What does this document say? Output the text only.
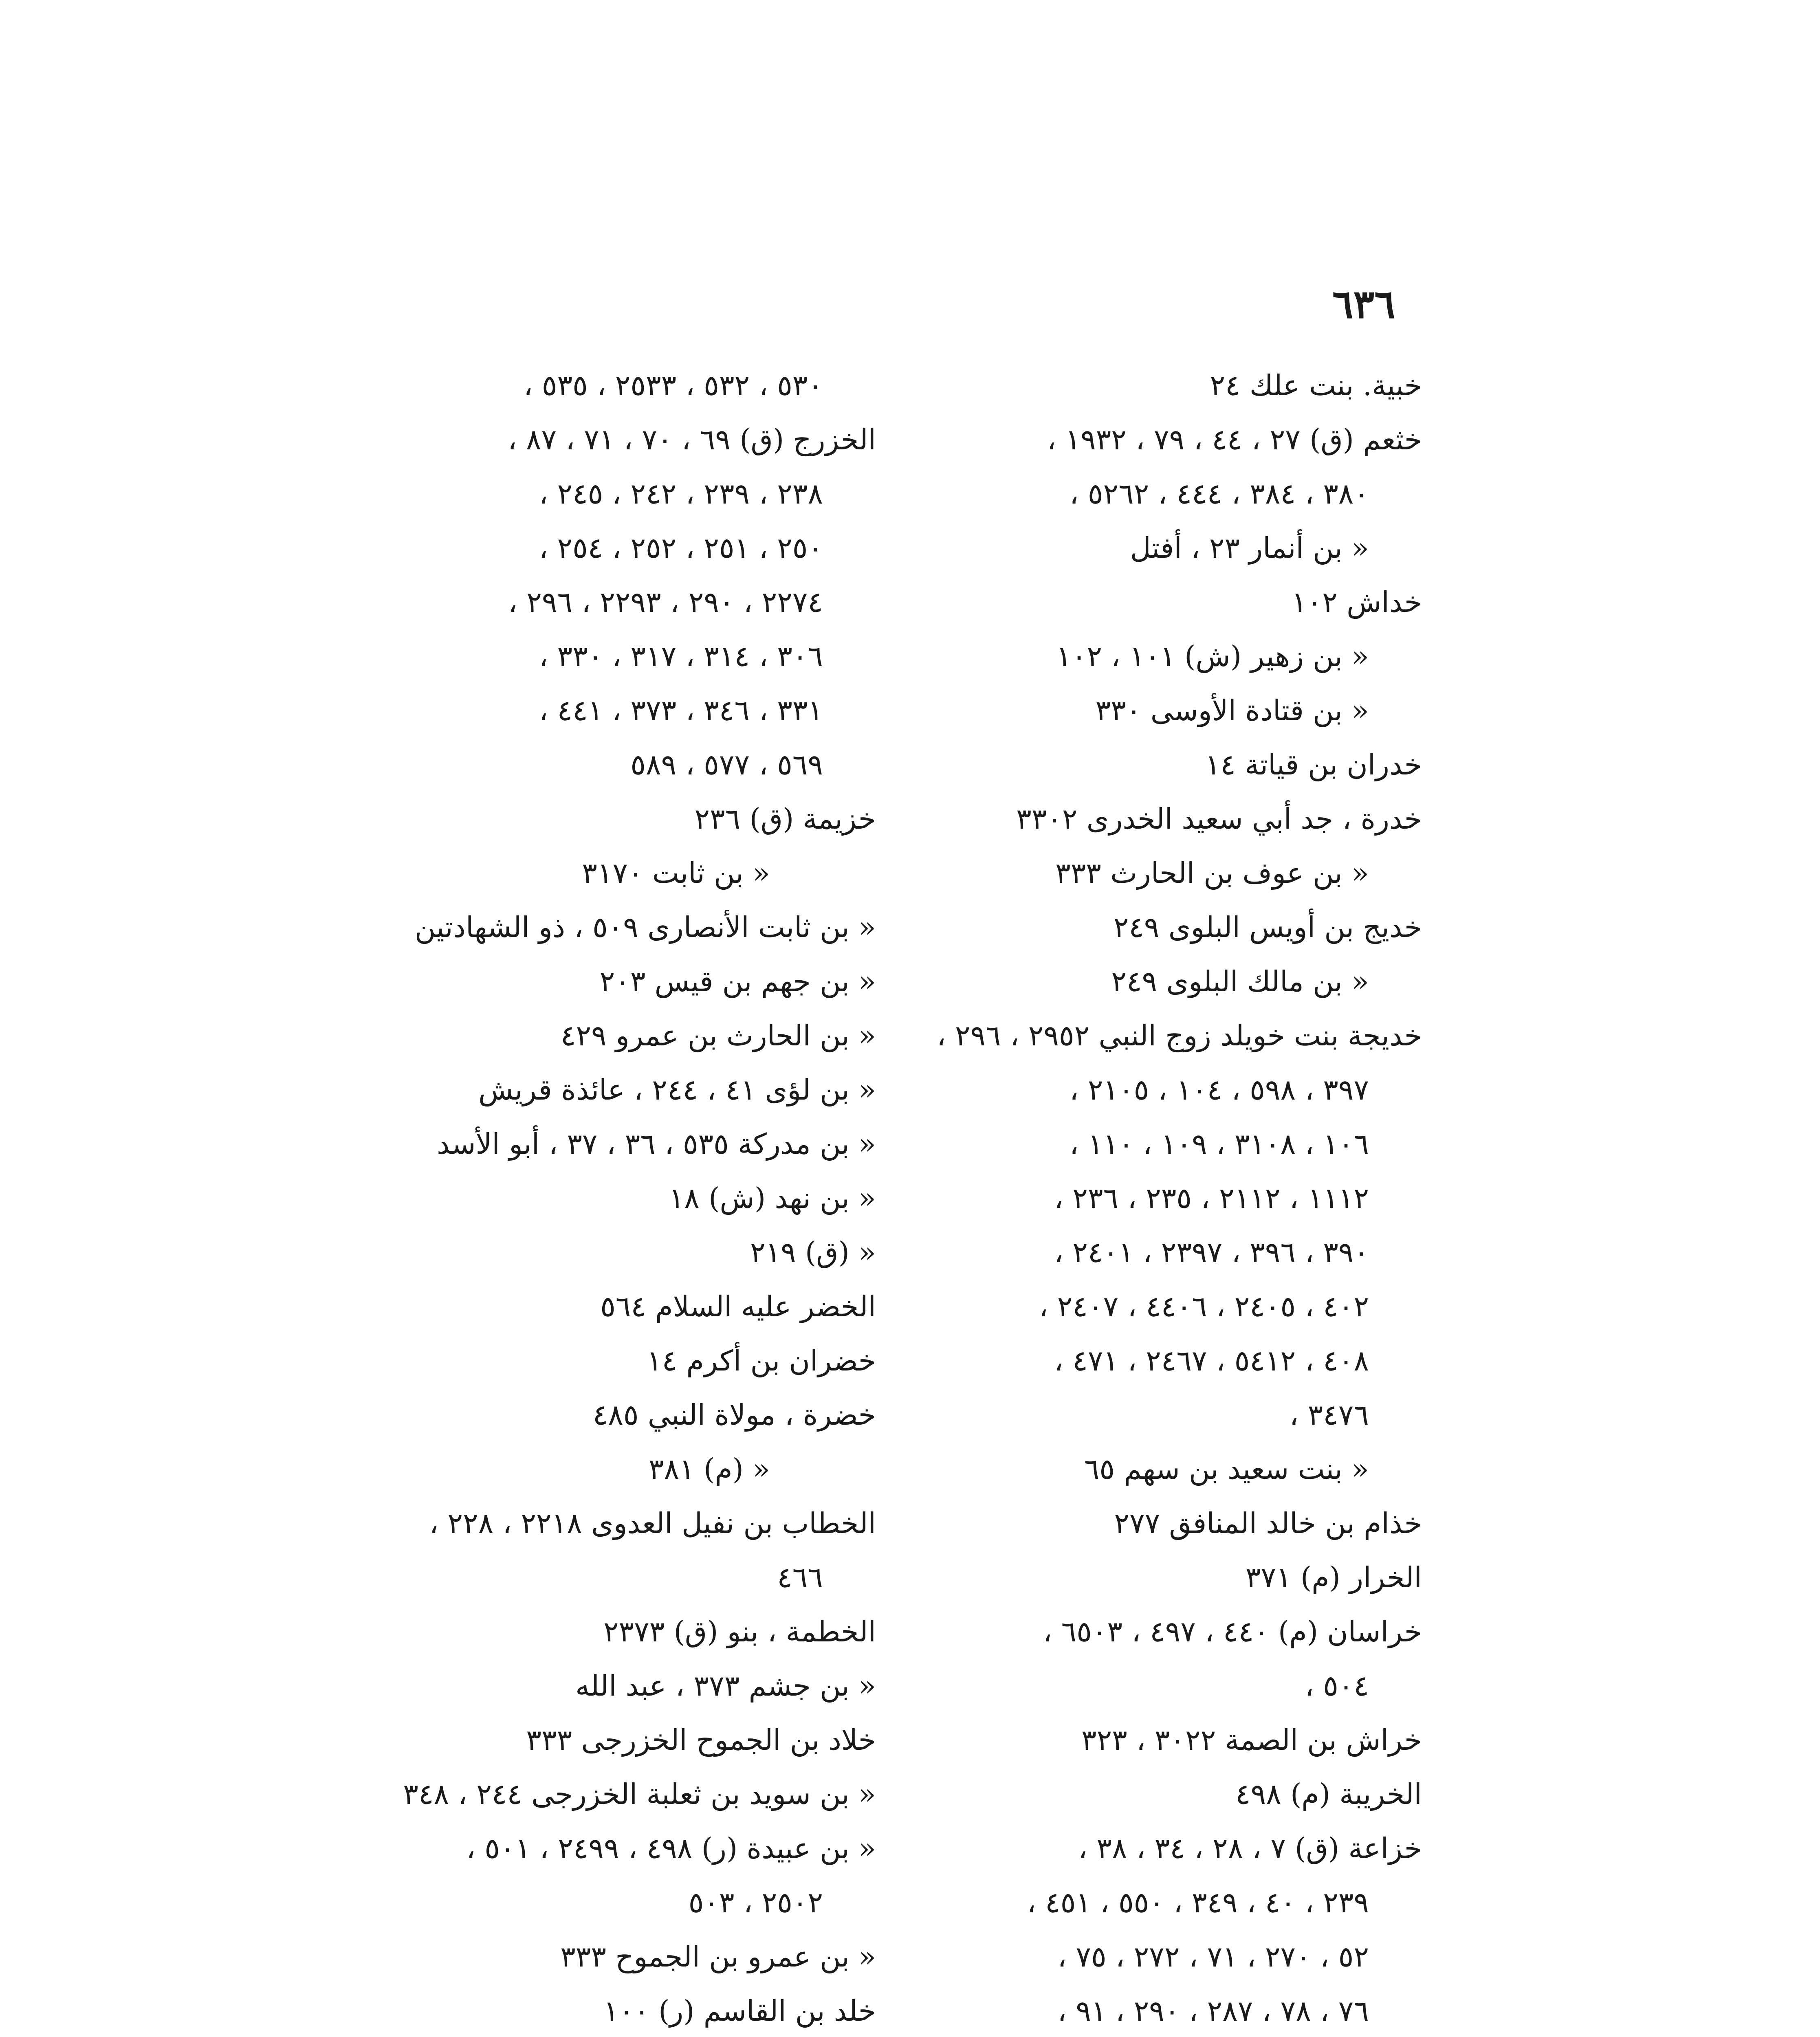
٦٣٦
خبية. بنت علك ٢٤
خثعم (ق) ٢٧ ، ٤٤ ، ٧٩ ، ١٩٣٢ ،
٣٨٠ ، ٣٨٤ ، ٤٤٤ ، ٥٢٦٢ ،
« بن أنمار ٢٣ ، أفتل
خداش ١٠٢
« بن زهير (ش) ١٠١ ، ١٠٢
« بن قتادة الأوسى ٣٣٠
خدران بن قياتة ١٤
خدرة ، جد أبي سعيد الخدرى ٣٣٠٢
« بن عوف بن الحارث ٣٣٣
خديج بن أويس البلوى ٢٤٩
« بن مالك البلوى ٢٤٩
خديجة بنت خويلد زوج النبي ٢٩٥٢ ، ٢٩٦ ،
٣٩٧ ، ٥٩٨ ، ١٠٤ ، ٢١٠٥ ،
١٠٦ ، ٣١٠٨ ، ١٠٩ ، ١١٠ ،
١١١٢ ، ٢١١٢ ، ٢٣٥ ، ٢٣٦ ،
٣٩٠ ، ٣٩٦ ، ٢٣٩٧ ، ٢٤٠١ ،
٤٠٢ ، ٢٤٠٥ ، ٤٤٠٦ ، ٢٤٠٧ ،
٤٠٨ ، ٥٤١٢ ، ٢٤٦٧ ، ٤٧١ ،
٣٤٧٦ ،
« بنت سعيد بن سهم ٦٥
خذام بن خالد المنافق ٢٧٧
الخرار (م) ٣٧١
خراسان (م) ٤٤٠ ، ٤٩٧ ، ٦٥٠٣ ،
٥٠٤ ،
خراش بن الصمة ٣٠٢٢ ، ٣٢٣
الخريبة (م) ٤٩٨
خزاعة (ق) ٧ ، ٢٨ ، ٣٤ ، ٣٨ ،
٢٣٩ ، ٤٠ ، ٣٤٩ ، ٥٥٠ ، ٤٥١ ،
٥٢ ، ٢٧٠ ، ٧١ ، ٢٧٢ ، ٧٥ ،
٧٦ ، ٧٨ ، ٢٨٧ ، ٢٩٠ ، ٩١ ،
٥٣٠ ، ٥٣٢ ، ٢٥٣٣ ، ٥٣٥ ،
الخزرج (ق) ٦٩ ، ٧٠ ، ٧١ ، ٨٧ ،
٢٣٨ ، ٢٣٩ ، ٢٤٢ ، ٢٤٥ ،
٢٥٠ ، ٢٥١ ، ٢٥٢ ، ٢٥٤ ،
٢٢٧٤ ، ٢٩٠ ، ٢٢٩٣ ، ٢٩٦ ،
٣٠٦ ، ٣١٤ ، ٣١٧ ، ٣٣٠ ،
٣٣١ ، ٣٤٦ ، ٣٧٣ ، ٤٤١ ،
٥٦٩ ، ٥٧٧ ، ٥٨٩
خزيمة (ق) ٢٣٦
« بن ثابت ٣١٧٠
« بن ثابت الأنصارى ٥٠٩ ، ذو الشهادتين
« بن جهم بن قيس ٢٠٣
« بن الحارث بن عمرو ٤٢٩
« بن لؤى ٤١ ، ٢٤٤ ، عائذة قريش
« بن مدركة ٥٣٥ ، ٣٦ ، ٣٧ ، أبو الأسد
« بن نهد (ش) ١٨
« (ق) ٢١٩
الخضر عليه السلام ٥٦٤
خضران بن أكرم ١٤
خضرة ، مولاة النبي ٤٨٥
« (م) ٣٨١
الخطاب بن نفيل العدوى ٢٢١٨ ، ٢٢٨ ،
٤٦٦
الخطمة ، بنو (ق) ٢٣٧٣
« بن جشم ٣٧٣ ، عبد الله
خلاد بن الجموح الخزرجى ٣٣٣
« بن سويد بن ثعلبة الخزرجى ٢٤٤ ، ٣٤٨
« بن عبيدة (ر) ٤٩٨ ، ٢٤٩٩ ، ٥٠١ ،
٢٥٠٢ ، ٥٠٣
« بن عمرو بن الجموح ٣٣٣
خلد بن القاسم (ر) ١٠٠
